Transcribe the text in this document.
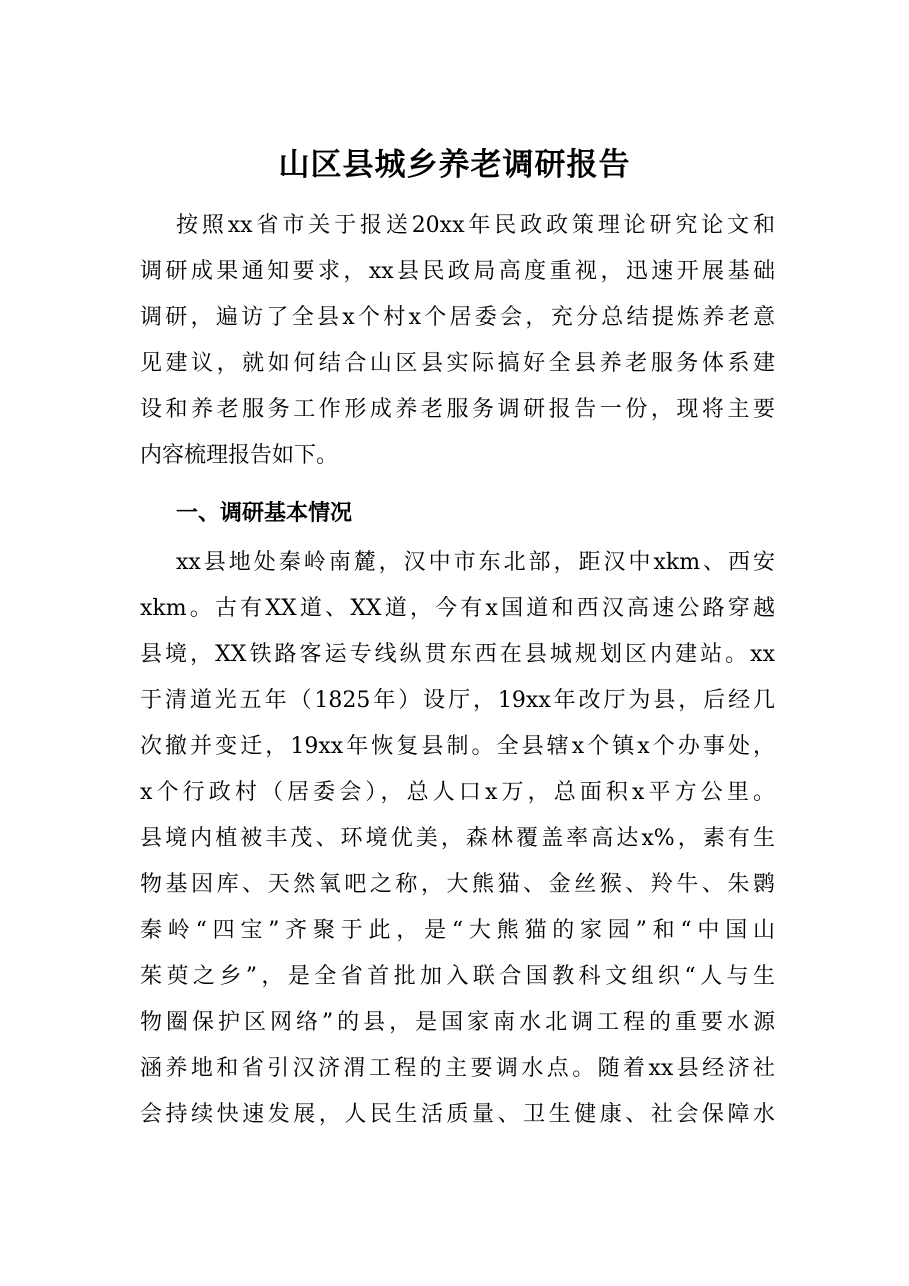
山区县城乡养老调研报告

按照xx省市关于报送20xx年民政政策理论研究论文和

调研成果通知要求，xx县民政局高度重视，迅速开展基础

调研，遍访了全县x个村x个居委会，充分总结提炼养老意

见建议，就如何结合山区县实际搞好全县养老服务体系建

设和养老服务工作形成养老服务调研报告一份，现将主要

内容梳理报告如下。

一、调研基本情况

xx县地处秦岭南麓，汉中市东北部，距汉中xkm、西安

xkm。古有XX道、XX道，今有x国道和西汉高速公路穿越

县境，XX铁路客运专线纵贯东西在县城规划区内建站。xx

于清道光五年（1825年）设厅，19xx年改厅为县，后经几

次撤并变迁，19xx年恢复县制。全县辖x个镇x个办事处，

x个行政村（居委会），总人口x万，总面积x平方公里。

县境内植被丰茂、环境优美，森林覆盖率高达x%，素有生

物基因库、天然氧吧之称，大熊猫、金丝猴、羚牛、朱鹮

秦岭“四宝”齐聚于此，是“大熊猫的家园”和“中国山

茱萸之乡”，是全省首批加入联合国教科文组织“人与生

物圈保护区网络”的县，是国家南水北调工程的重要水源

涵养地和省引汉济渭工程的主要调水点。随着xx县经济社

会持续快速发展，人民生活质量、卫生健康、社会保障水
